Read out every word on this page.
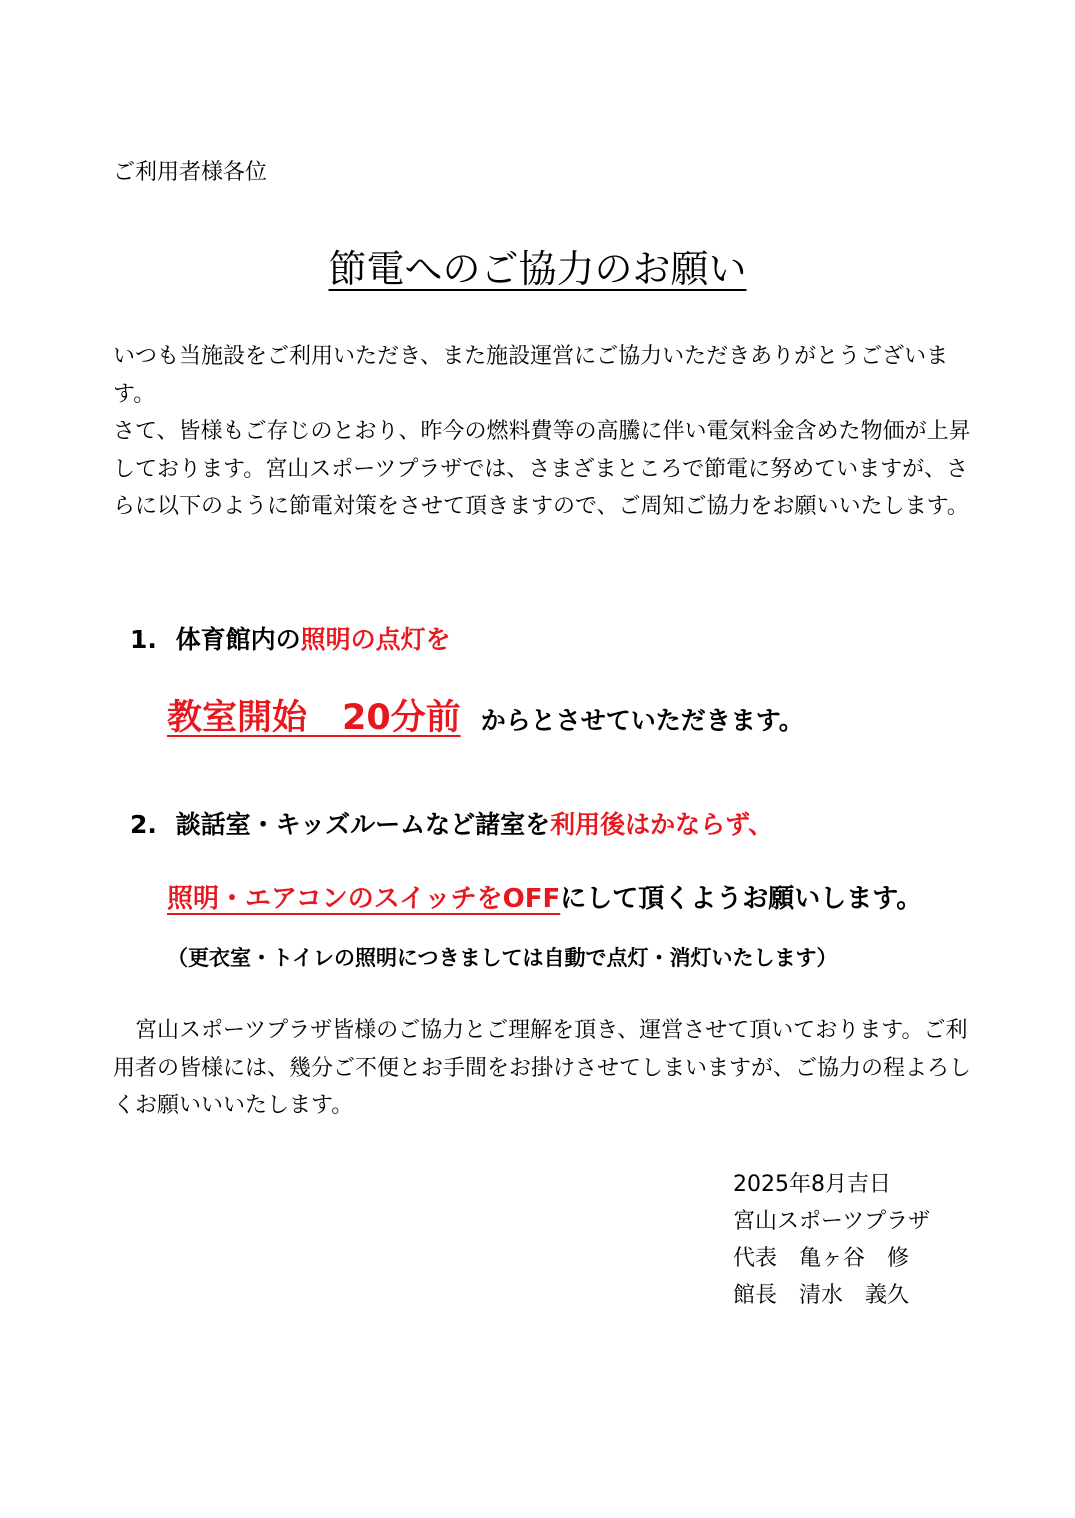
ご利用者様各位
節電へのご協力のお願い
いつも当施設をご利用いただき、また施設運営にご協力いただきありがとうございます。
さて、皆様もご存じのとおり、昨今の燃料費等の高騰に伴い電気料金含めた物価が上昇しております。宮山スポーツプラザでは、さまざまところで節電に努めていますが、さらに以下のように節電対策をさせて頂きますので、ご周知ご協力をお願いいたします。
1. 体育館内の照明の点灯を
教室開始　20分前 からとさせていただきます。
2. 談話室・キッズルームなど諸室を利用後はかならず、
照明・エアコンのスイッチをOFFにして頂くようお願いします。
（更衣室・トイレの照明につきましては自動で点灯・消灯いたします）
　宮山スポーツプラザ皆様のご協力とご理解を頂き、運営させて頂いております。ご利用者の皆様には、幾分ご不便とお手間をお掛けさせてしまいますが、ご協力の程よろしくお願いいいたします。
2025年8月吉日
宮山スポーツプラザ
代表　亀ヶ谷　修
館長　清水　義久
